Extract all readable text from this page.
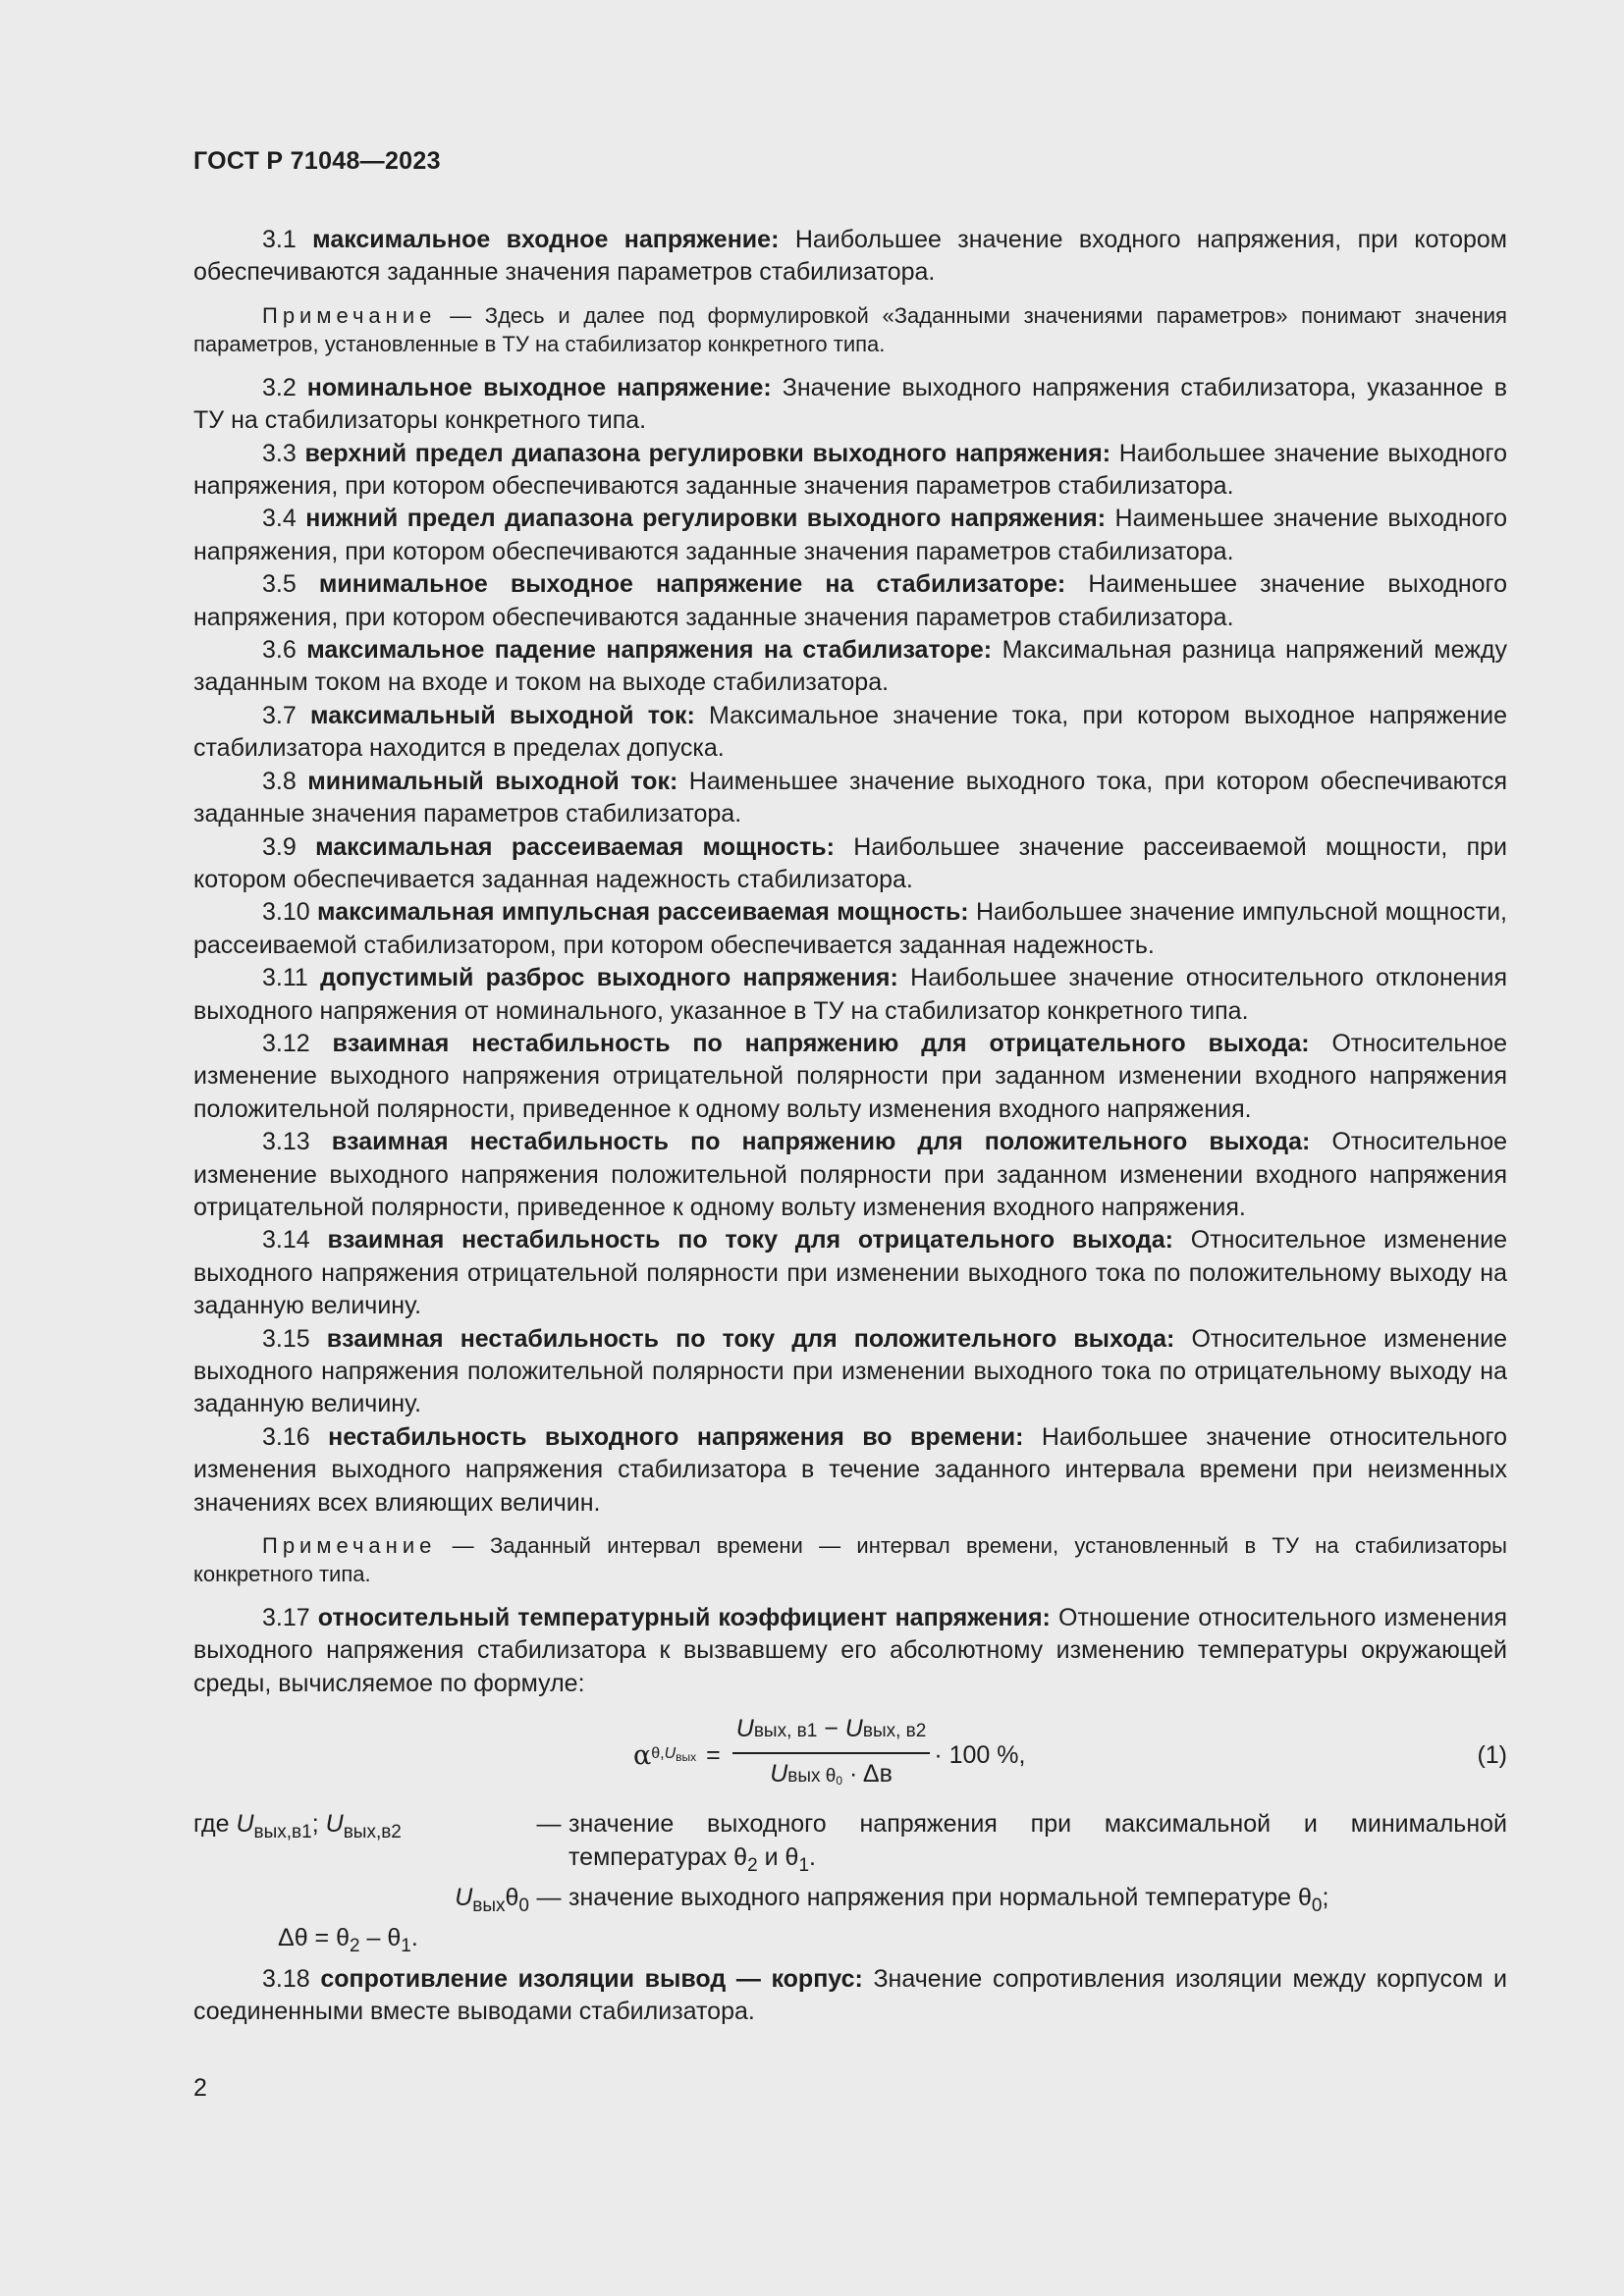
ГОСТ Р 71048—2023

3.1 максимальное входное напряжение: Наибольшее значение входного напряжения, при котором обеспечиваются заданные значения параметров стабилизатора.

Примечание — Здесь и далее под формулировкой «Заданными значениями параметров» понимают значения параметров, установленные в ТУ на стабилизатор конкретного типа.

3.2 номинальное выходное напряжение: Значение выходного напряжения стабилизатора, указанное в ТУ на стабилизаторы конкретного типа.

3.3 верхний предел диапазона регулировки выходного напряжения: Наибольшее значение выходного напряжения, при котором обеспечиваются заданные значения параметров стабилизатора.

3.4 нижний предел диапазона регулировки выходного напряжения: Наименьшее значение выходного напряжения, при котором обеспечиваются заданные значения параметров стабилизатора.

3.5 минимальное выходное напряжение на стабилизаторе: Наименьшее значение выходного напряжения, при котором обеспечиваются заданные значения параметров стабилизатора.

3.6 максимальное падение напряжения на стабилизаторе: Максимальная разница напряжений между заданным током на входе и током на выходе стабилизатора.

3.7 максимальный выходной ток: Максимальное значение тока, при котором выходное напряжение стабилизатора находится в пределах допуска.

3.8 минимальный выходной ток: Наименьшее значение выходного тока, при котором обеспечиваются заданные значения параметров стабилизатора.

3.9 максимальная рассеиваемая мощность: Наибольшее значение рассеиваемой мощности, при котором обеспечивается заданная надежность стабилизатора.

3.10 максимальная импульсная рассеиваемая мощность: Наибольшее значение импульсной мощности, рассеиваемой стабилизатором, при котором обеспечивается заданная надежность.

3.11 допустимый разброс выходного напряжения: Наибольшее значение относительного отклонения выходного напряжения от номинального, указанное в ТУ на стабилизатор конкретного типа.

3.12 взаимная нестабильность по напряжению для отрицательного выхода: Относительное изменение выходного напряжения отрицательной полярности при заданном изменении входного напряжения положительной полярности, приведенное к одному вольту изменения входного напряжения.

3.13 взаимная нестабильность по напряжению для положительного выхода: Относительное изменение выходного напряжения положительной полярности при заданном изменении входного напряжения отрицательной полярности, приведенное к одному вольту изменения входного напряжения.

3.14 взаимная нестабильность по току для отрицательного выхода: Относительное изменение выходного напряжения отрицательной полярности при изменении выходного тока по положительному выходу на заданную величину.

3.15 взаимная нестабильность по току для положительного выхода: Относительное изменение выходного напряжения положительной полярности при изменении выходного тока по отрицательному выходу на заданную величину.

3.16 нестабильность выходного напряжения во времени: Наибольшее значение относительного изменения выходного напряжения стабилизатора в течение заданного интервала времени при неизменных значениях всех влияющих величин.

Примечание — Заданный интервал времени — интервал времени, установленный в ТУ на стабилизаторы конкретного типа.

3.17 относительный температурный коэффициент напряжения: Отношение относительного изменения выходного напряжения стабилизатора к вызвавшему его абсолютному изменению температуры окружающей среды, вычисляемое по формуле:

α θ,Uвых = $\frac{\text{Uвых, в1 − Uвых, в2}}{\text{Uвых θ0 · Δв}} \cdot 100$ %,	(1)
где $U_{вых,в1}$; $U_{вых,в2}$	—	значение выходного напряжения при максимальной и минимальной температурах $\theta_2$ и $\theta_1$.
$U_{вых}\theta_0$	—	значение выходного напряжения при нормальной температуре $\theta_0$;
$\Delta\theta = \theta_2 - \theta_1$.		

3.18 сопротивление изоляции вывод — корпус: Значение сопротивления изоляции между корпусом и соединенными вместе выводами стабилизатора.

2
